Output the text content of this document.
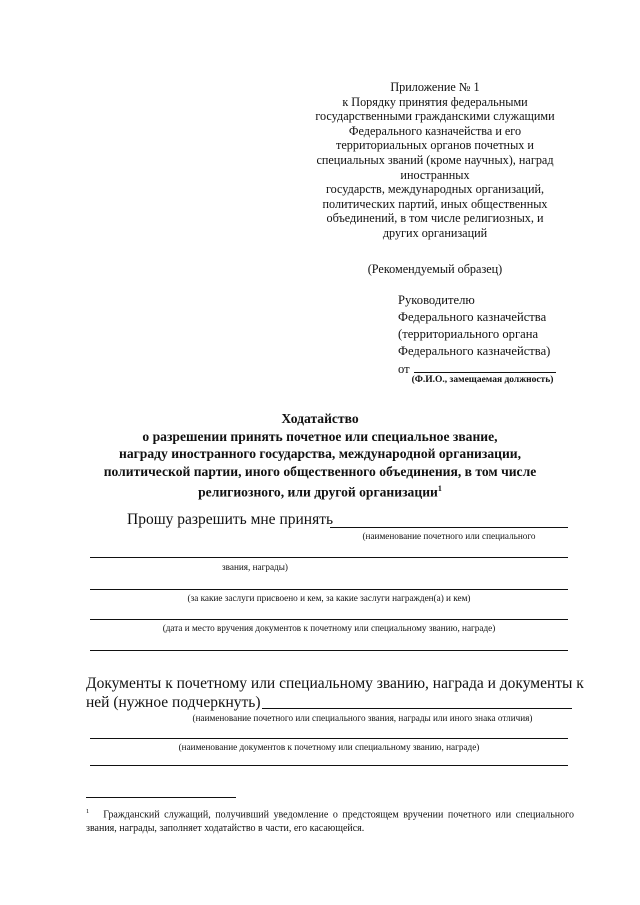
Приложение № 1
к Порядку принятия федеральными
государственными гражданскими служащими
Федерального казначейства и его
территориальных органов почетных и
специальных званий (кроме научных), наград
иностранных
государств, международных организаций,
политических партий, иных общественных
объединений, в том числе религиозных, и
других организаций
(Рекомендуемый образец)
Руководителю
Федерального казначейства
(территориального органа
Федерального казначейства)
от
(Ф.И.О., замещаемая должность)
Ходатайство
о разрешении принять почетное или специальное звание,
награду иностранного государства, международной организации,
политической партии, иного общественного объединения, в том числе
религиозного, или другой организации$^1$
Прошу разрешить мне принять
(наименование почетного или специального
звания, награды)
(за какие заслуги присвоено и кем, за какие заслуги награжден(а) и кем)
(дата и место вручения документов к почетному или специальному званию, награде)
Документы к почетному или специальному званию, награда и документы к ней (нужное подчеркнуть)
(наименование почетного или специального звания, награды или иного знака отличия)
(наименование документов к почетному или специальному званию, награде)
$^1$ Гражданский служащий, получивший уведомление о предстоящем вручении почетного или специального звания, награды, заполняет ходатайство в части, его касающейся.
